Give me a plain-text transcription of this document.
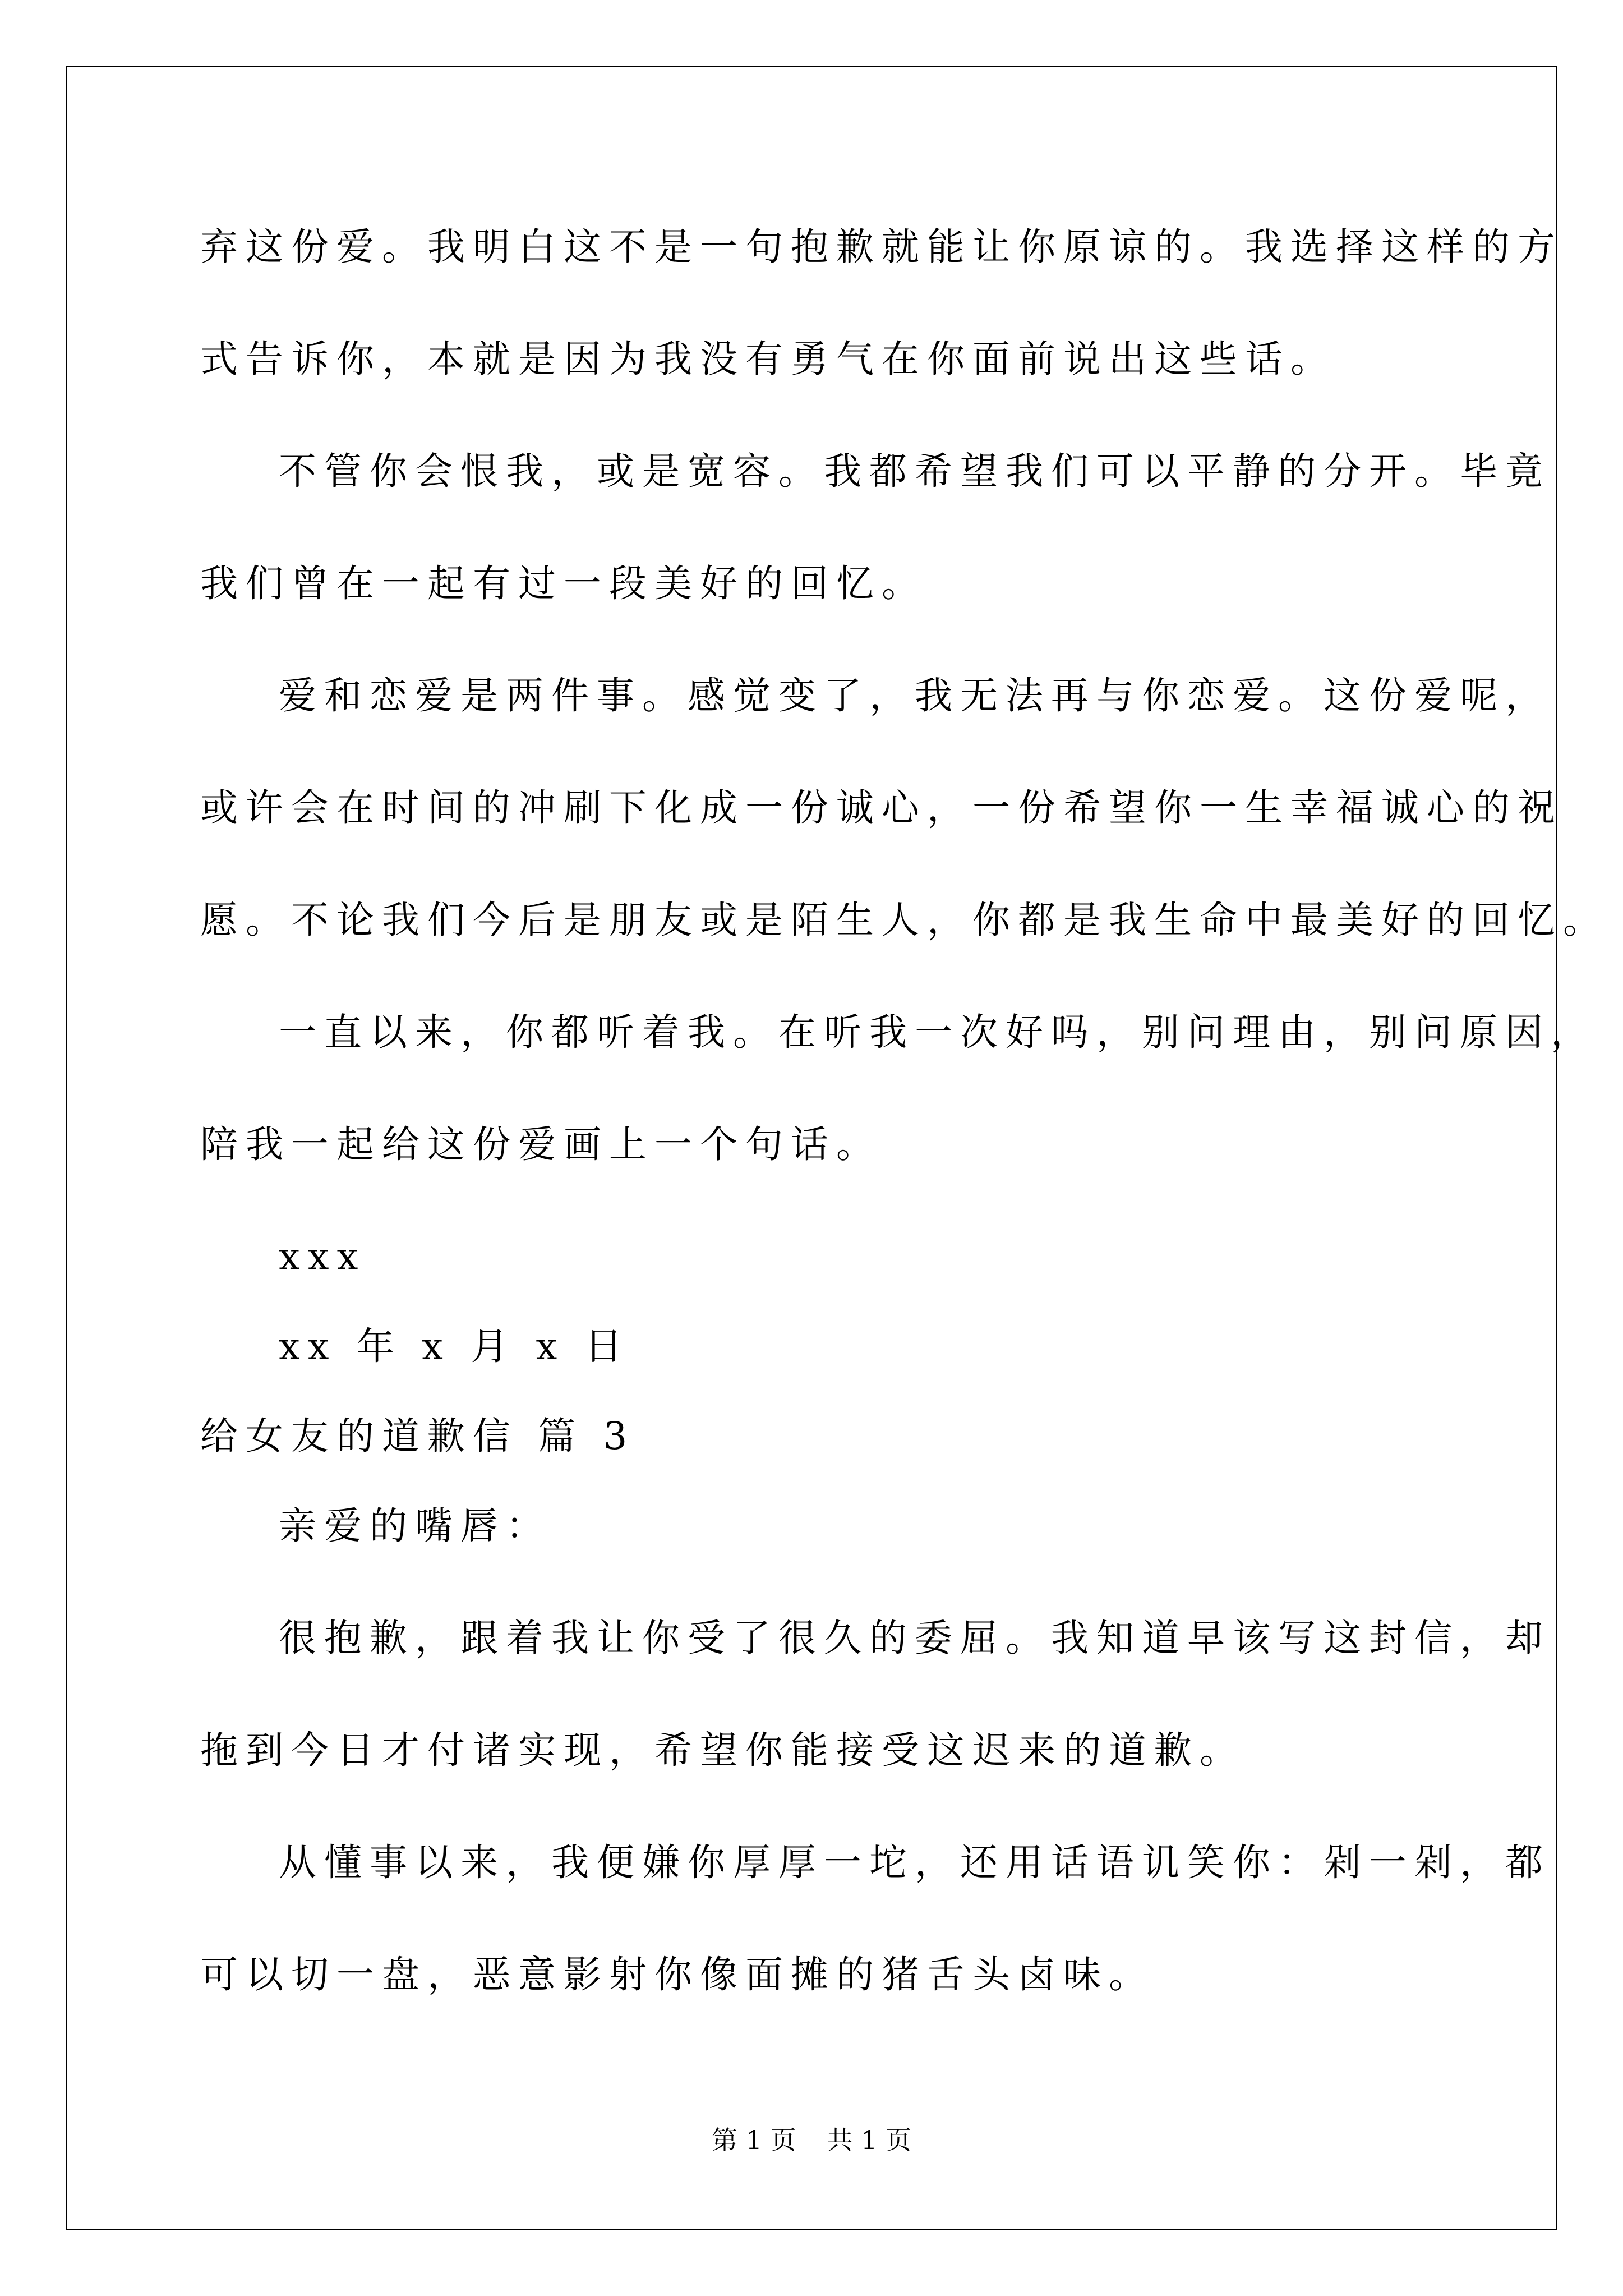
弃这份爱。我明白这不是一句抱歉就能让你原谅的。我选择这样的方
式告诉你，本就是因为我没有勇气在你面前说出这些话。
不管你会恨我，或是宽容。我都希望我们可以平静的分开。毕竟
我们曾在一起有过一段美好的回忆。
爱和恋爱是两件事。感觉变了，我无法再与你恋爱。这份爱呢，
或许会在时间的冲刷下化成一份诚心，一份希望你一生幸福诚心的祝
愿。不论我们今后是朋友或是陌生人，你都是我生命中最美好的回忆。
一直以来，你都听着我。在听我一次好吗，别问理由，别问原因，
陪我一起给这份爱画上一个句话。
xxx
xx 年 x 月 x 日
给女友的道歉信 篇 3
亲爱的嘴唇：
很抱歉，跟着我让你受了很久的委屈。我知道早该写这封信，却
拖到今日才付诸实现，希望你能接受这迟来的道歉。
从懂事以来，我便嫌你厚厚一坨，还用话语讥笑你：剁一剁，都
可以切一盘，恶意影射你像面摊的猪舌头卤味。
第 1 页 共 1 页
